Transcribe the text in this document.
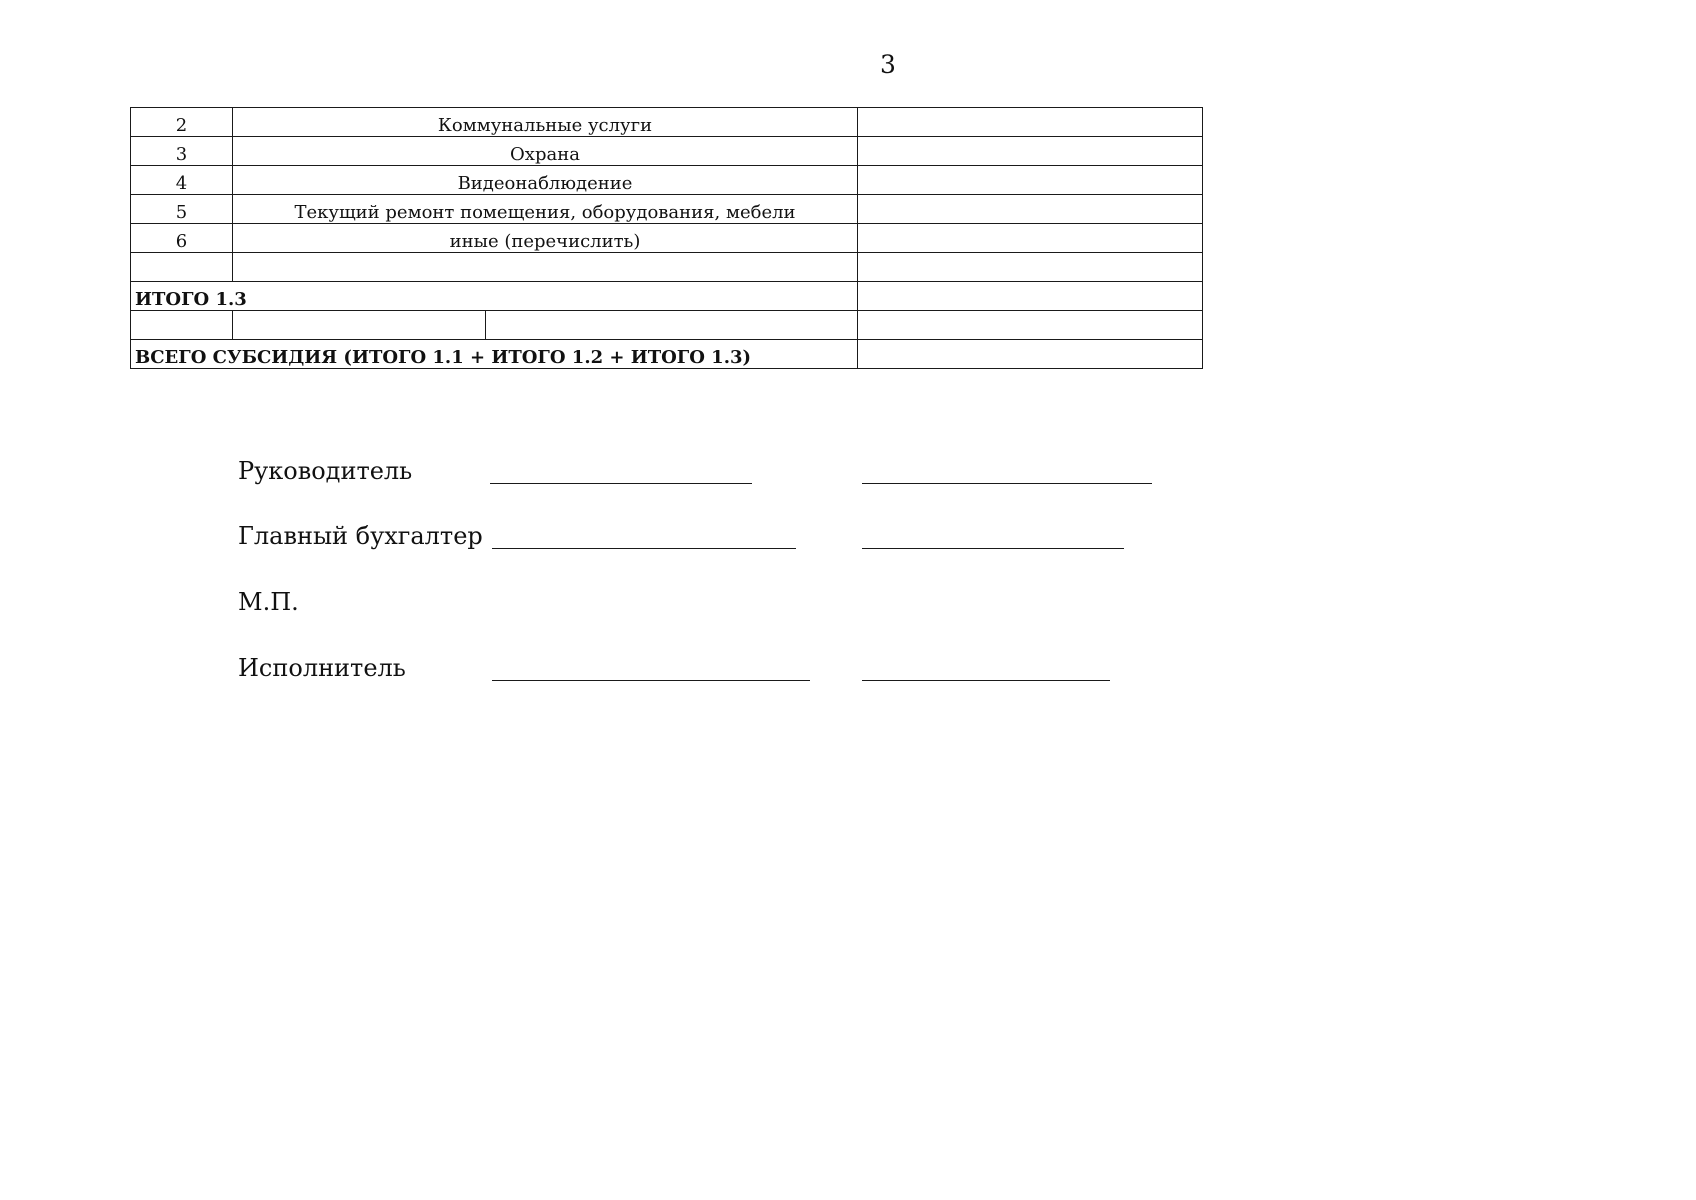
3
2	Коммунальные услуги		
3	Охрана		
4	Видеонаблюдение		
5	Текущий ремонт помещения, оборудования, мебели		
6	иные (перечислить)		

ИТОГО 1.3			

ВСЕГО СУБСИДИЯ (ИТОГО 1.1 + ИТОГО 1.2 + ИТОГО 1.3)			
Руководитель
Главный бухгалтер
М.П.
Исполнитель
